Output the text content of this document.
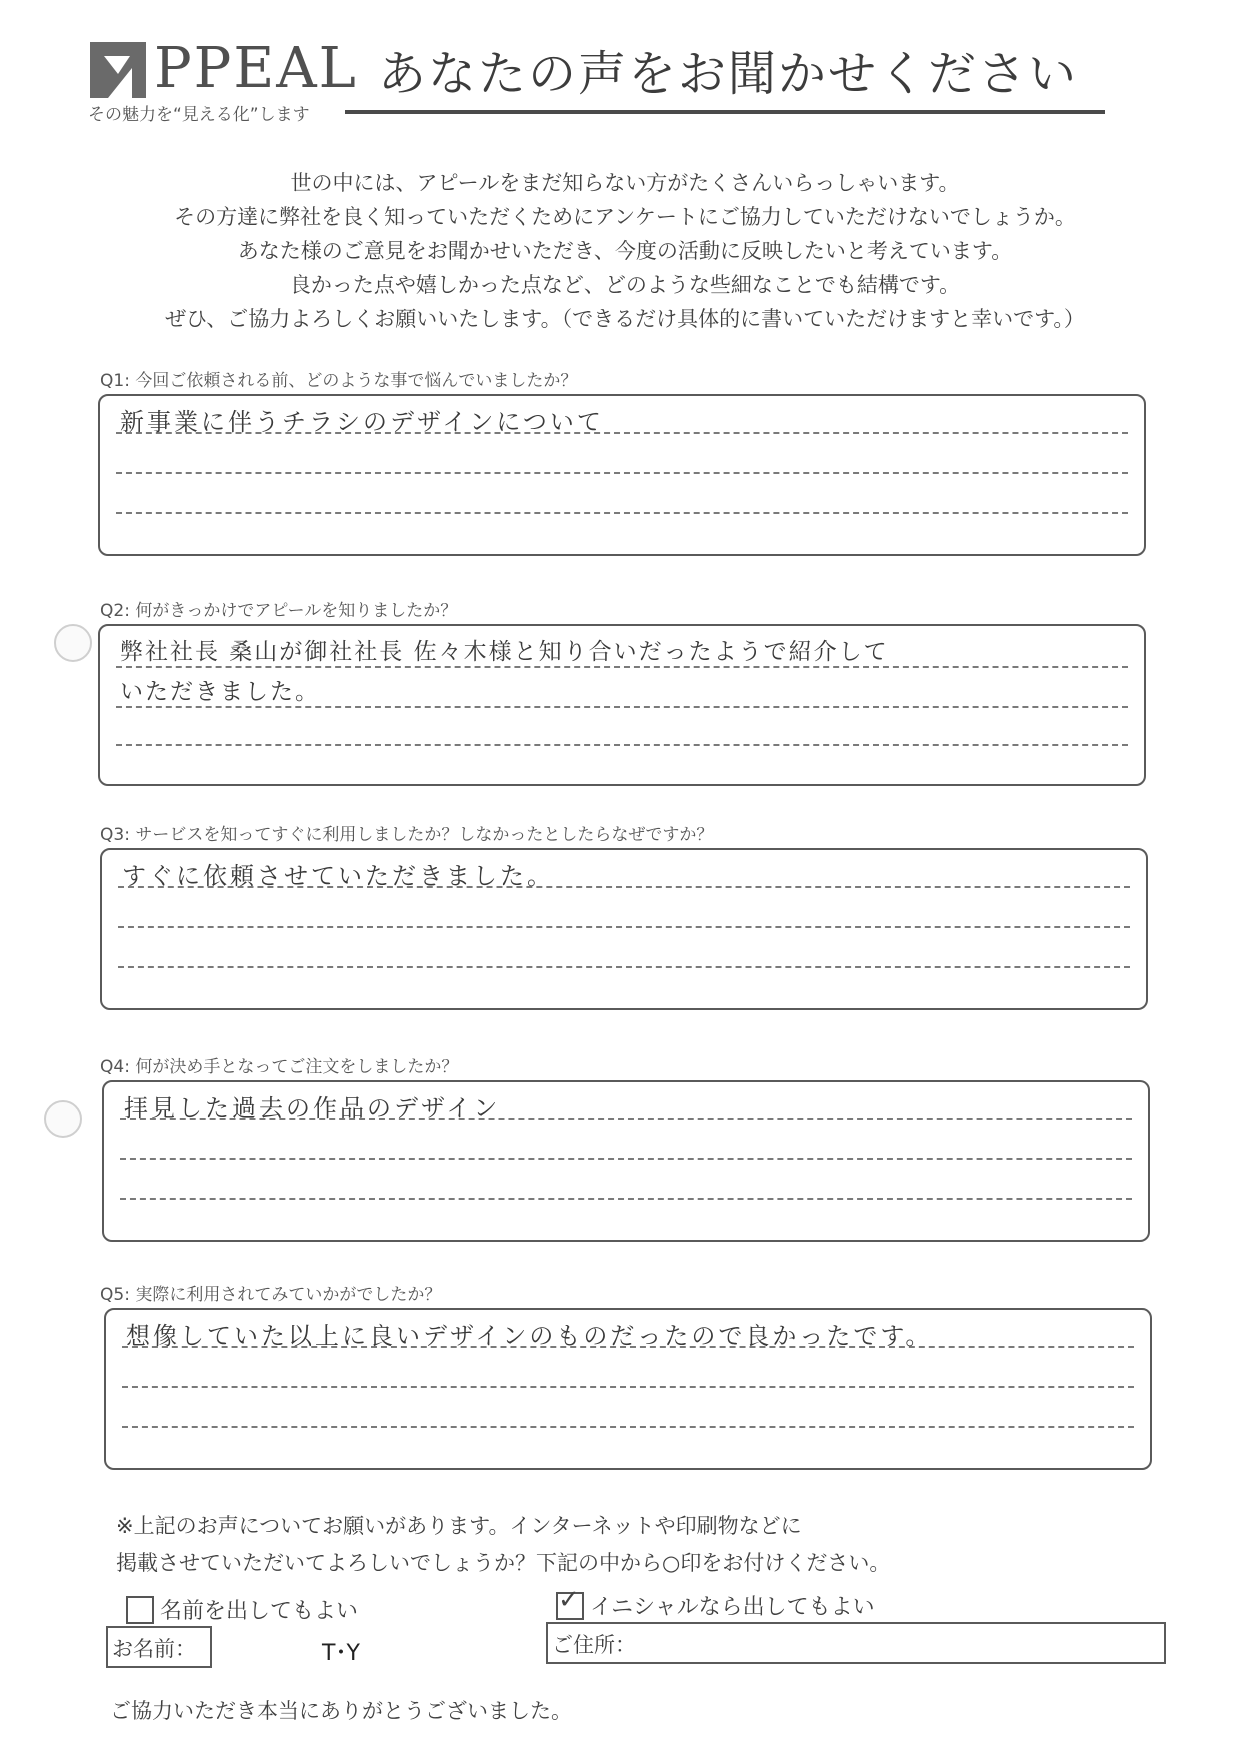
PPEAL
その魅力を“見える化”します
あなたの声をお聞かせください
世の中には、アピールをまだ知らない方がたくさんいらっしゃいます。
その方達に弊社を良く知っていただくためにアンケートにご協力していただけないでしょうか。
あなた様のご意見をお聞かせいただき、今度の活動に反映したいと考えています。
良かった点や嬉しかった点など、どのような些細なことでも結構です。
ぜひ、ご協力よろしくお願いいたします。（できるだけ具体的に書いていただけますと幸いです。）
Q1: 今回ご依頼される前、どのような事で悩んでいましたか？
新事業に伴うチラシのデザインについて
Q2: 何がきっかけでアピールを知りましたか？
弊社社長 桑山が御社社長 佐々木様と知り合いだったようで紹介して
いただきました。
Q3: サービスを知ってすぐに利用しましたか？しなかったとしたらなぜですか？
すぐに依頼させていただきました。
Q4: 何が決め手となってご注文をしましたか？
拝見した過去の作品のデザイン
Q5: 実際に利用されてみていかがでしたか？
想像していた以上に良いデザインのものだったので良かったです。
※上記のお声についてお願いがあります。インターネットや印刷物などに
掲載させていただいてよろしいでしょうか？下記の中から○印をお付けください。
名前を出してもよい	✓ イニシャルなら出してもよい
お名前：	T･Y	ご住所：
ご協力いただき本当にありがとうございました。
